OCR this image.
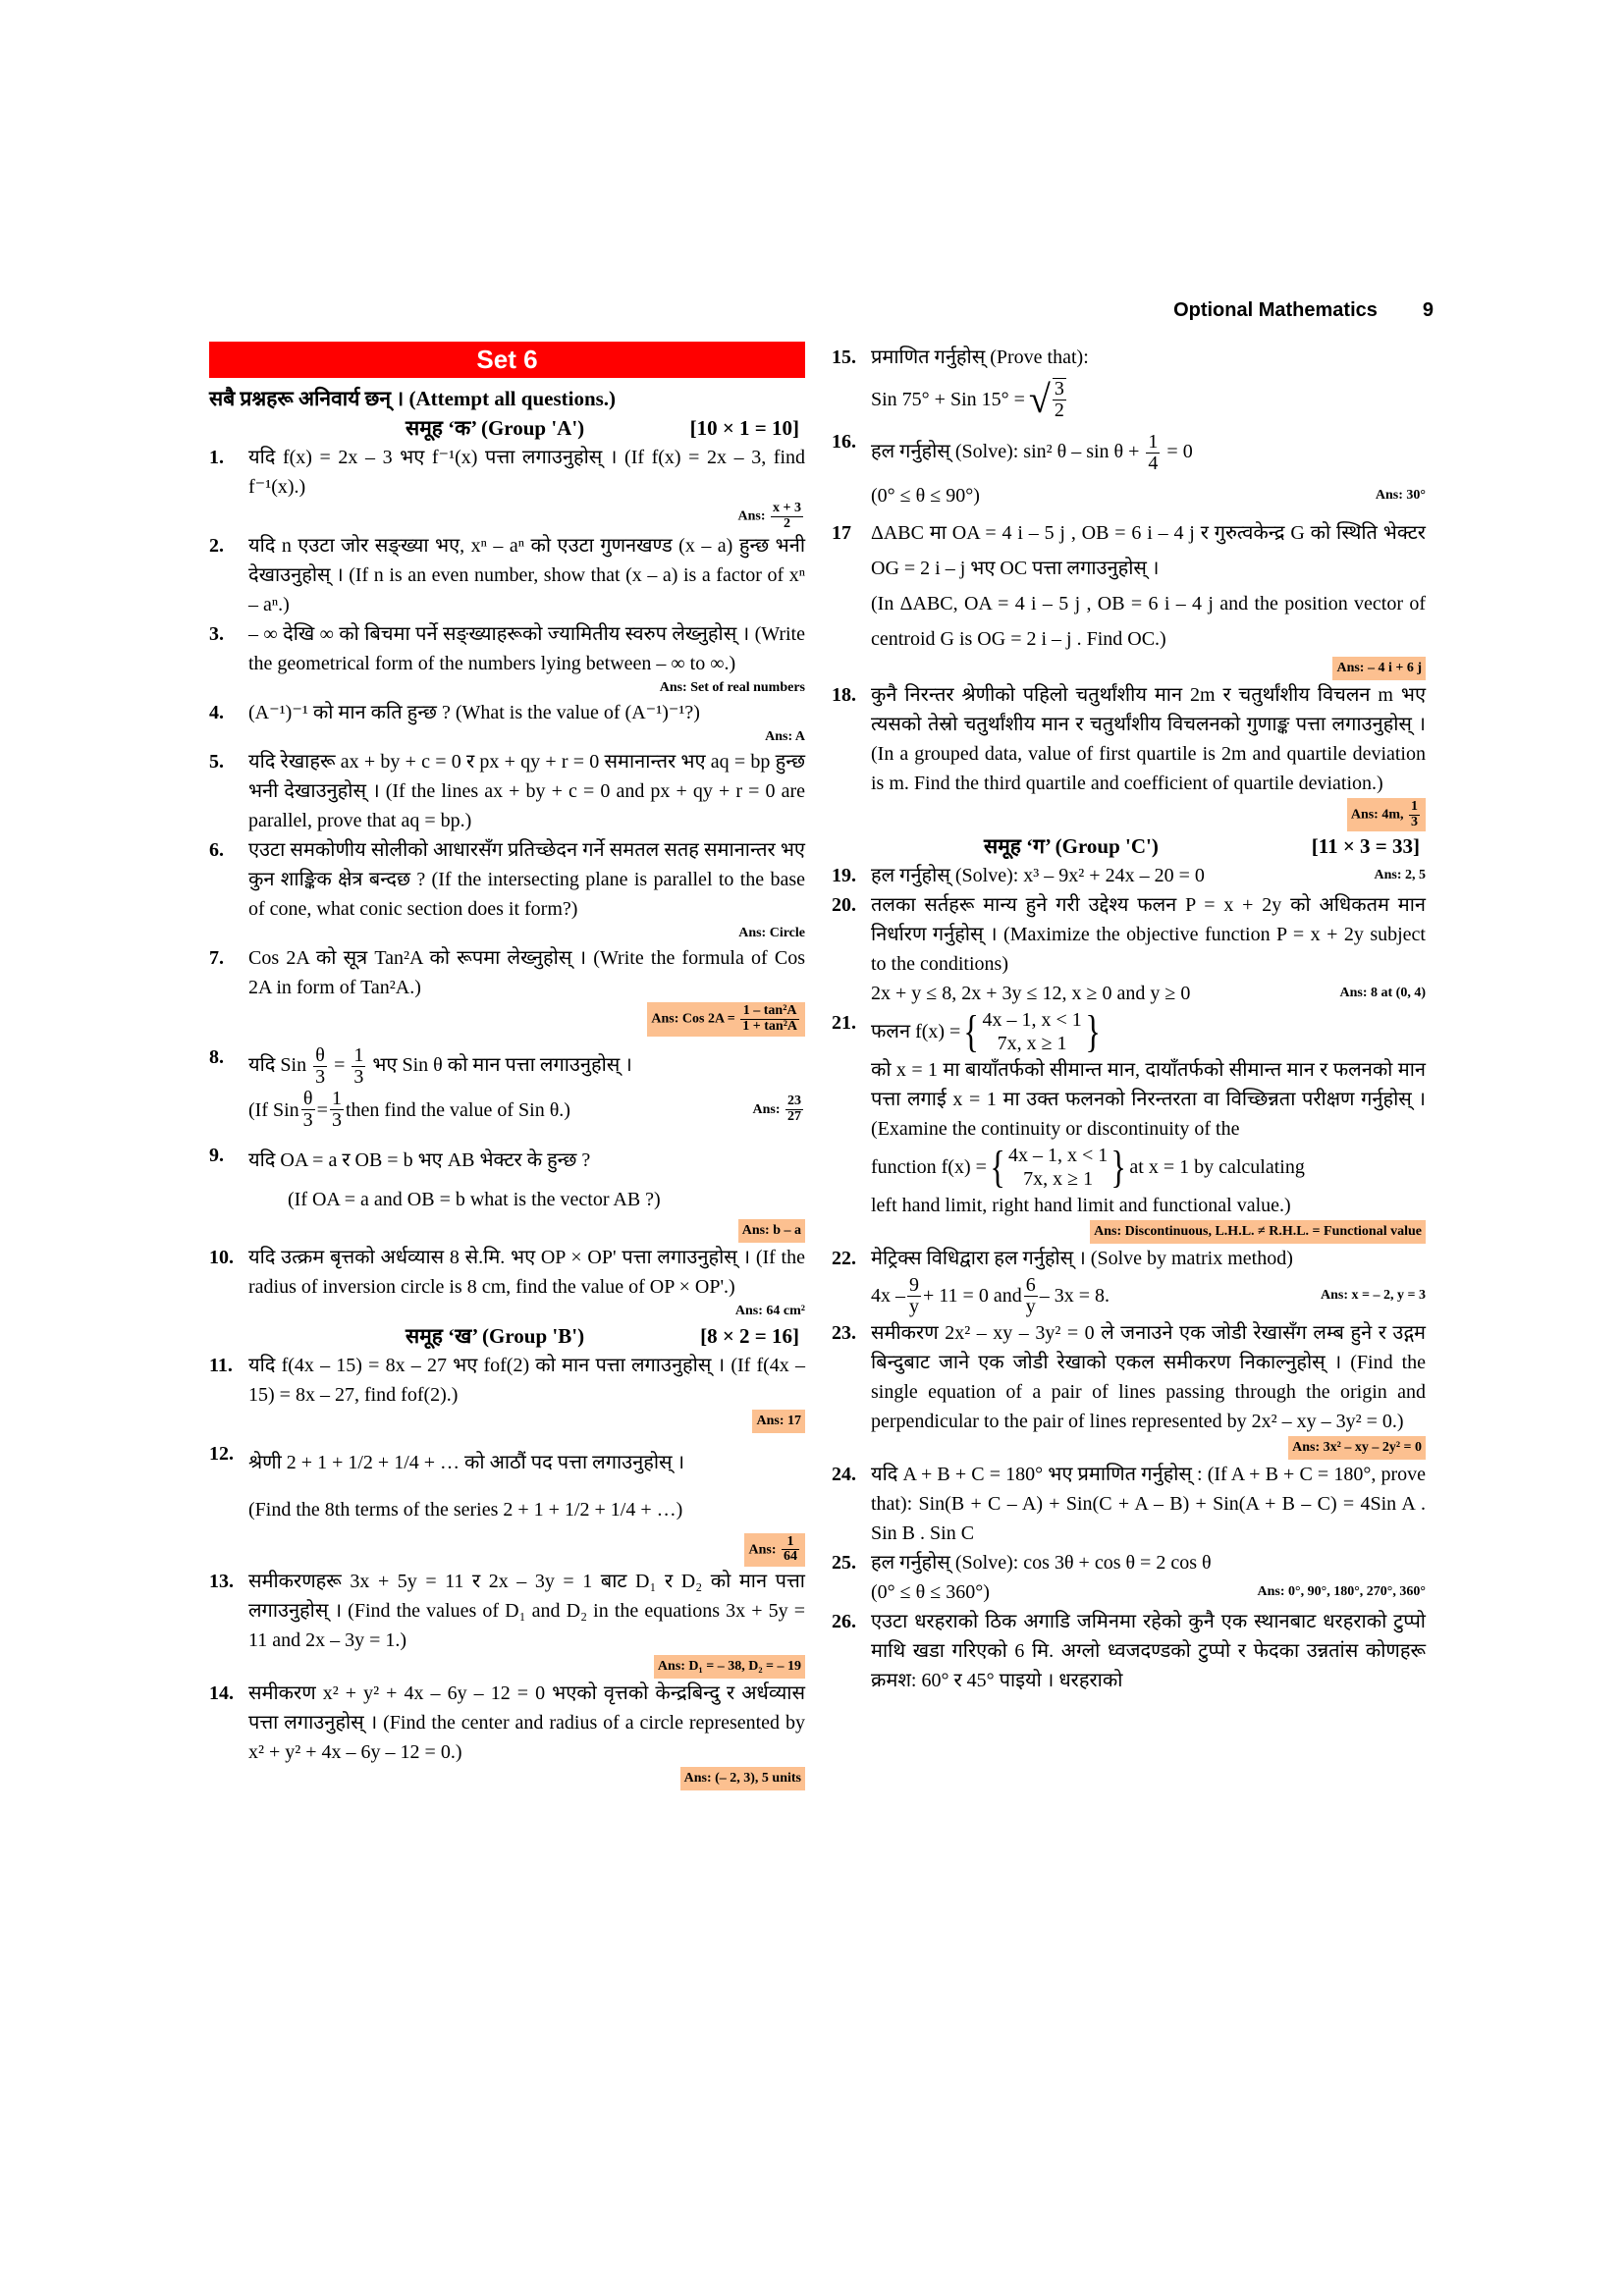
Optional Mathematics 9
Set 6
सबै प्रश्नहरू अनिवार्य छन् । (Attempt all questions.)
समूह ‘क’ (Group 'A')	[10 × 1 = 10]
1.	यदि f(x) = 2x – 3 भए f⁻¹(x) पत्ता लगाउनुहोस् । (If f(x) = 2x – 3, find f⁻¹(x).)

Ans: $\frac{x + 3}{2}$
2.	यदि n एउटा जोर सङ्ख्या भए, xⁿ – aⁿ को एउटा गुणनखण्ड (x – a) हुन्छ भनी देखाउनुहोस् । (If n is an even number, show that (x – a) is a factor of xⁿ – aⁿ.)

3.	– ∞ देखि ∞ को बिचमा पर्ने सङ्ख्याहरूको ज्यामितीय स्वरुप लेख्नुहोस् । (Write the geometrical form of the numbers lying between – ∞ to ∞.)

Ans: Set of real numbers
4.	(A⁻¹)⁻¹ को मान कति हुन्छ ? (What is the value of (A⁻¹)⁻¹?)

Ans: A
5.	यदि रेखाहरू ax + by + c = 0 र px + qy + r = 0 समानान्तर भए aq = bp हुन्छ भनी देखाउनुहोस् । (If the lines ax + by + c = 0 and px + qy + r = 0 are parallel, prove that aq = bp.)

6.	एउटा समकोणीय सोलीको आधारसँग प्रतिच्छेदन गर्ने समतल सतह समानान्तर भए कुन शाङ्किक क्षेत्र बन्दछ ? (If the intersecting plane is parallel to the base of cone, what conic section does it form?)

Ans: Circle
7.	Cos 2A को सूत्र Tan²A को रूपमा लेख्नुहोस् । (Write the formula of Cos 2A in form of Tan²A.)

Ans: Cos $2A = \frac{\text{1 – tan²A}}{\text{1 + tan²A}}$
8.	यदि Sin $\frac{\theta}{3} = \frac{1}{3}$ भए Sin θ को मान पत्ता लगाउनुहोस् ।

(If Sin $\frac{\theta}{3} = \frac{1}{3}$ then find the value of Sin θ.)	Ans: $\frac{23}{27}$

9.	यदि OA = a र OB = b भए AB भेक्टर के हुन्छ ?

(If OA = a and OB = b what is the vector AB ?)

Ans: b – a
10. यदि उत्क्रम बृत्तको अर्धव्यास 8 से.मि. भए OP × OP' पत्ता लगाउनुहोस् । (If the radius of inversion circle is 8 cm, find the value of OP × OP'.)

Ans: 64 cm²
समूह ‘ख’ (Group 'B')	[8 × 2 = 16]
11. यदि f(4x – 15) = 8x – 27 भए fof(2) को मान पत्ता लगाउनुहोस् । (If f(4x – 15) = 8x – 27, find fof(2).)

Ans: 17
12. श्रेणी 2 + 1 + 1/2 + 1/4 + … को आठौं पद पत्ता लगाउनुहोस् ।

(Find the 8th terms of the series 2 + 1 + 1/2 + 1/4 + …)

Ans: $\frac{1}{64}$
13. समीकरणहरू 3x + 5y = 11 र 2x – 3y = 1 बाट D₁ र D₂ को मान पत्ता लगाउनुहोस् । (Find the values of D₁ and D₂ in the equations 3x + 5y = 11 and 2x – 3y = 1.)

Ans: D₁ = – 38, D₂ = – 19
14. समीकरण x² + y² + 4x – 6y – 12 = 0 भएको वृत्तको केन्द्रबिन्दु र अर्धव्यास पत्ता लगाउनुहोस् । (Find the center and radius of a circle represented by x² + y² + 4x – 6y – 12 = 0.)

Ans: (– 2, 3), 5 units
15. प्रमाणित गर्नुहोस् (Prove that):

Sin 75° + Sin 15° = √ $\frac{3}{2}$

16. हल गर्नुहोस् (Solve): sin² $\theta - \sin \theta + \frac{1}{4} = 0$

(0° ≤ θ ≤ 90°)	Ans: 30°

17	ΔABC मा OA = 4 i – 5 j , OB = 6 i – 4 j र गुरुत्वकेन्द्र G को स्थिति भेक्टर OG = 2 i – j भए OC पत्ता लगाउनुहोस् ।

(In ΔABC, OA = 4 i – 5 j , OB = 6 i – 4 j and the position vector of centroid G is OG = 2 i – j . Find OC.)

Ans: – 4 i + 6 j
18. कुनै निरन्तर श्रेणीको पहिलो चतुर्थांशीय मान 2m र चतुर्थांशीय विचलन m भए त्यसको तेस्रो चतुर्थांशीय मान र चतुर्थांशीय विचलनको गुणाङ्क पत्ता लगाउनुहोस् । (In a grouped data, value of first quartile is 2m and quartile deviation is m. Find the third quartile and coefficient of quartile deviation.)

Ans: 4m, $\frac{1}{3}$
समूह ‘ग’ (Group 'C')	[11 × 3 = 33]
19. हल गर्नुहोस् (Solve): x³ – 9x² + 24x – 20 = 0	Ans: 2, 5
20. तलका सर्तहरू मान्य हुने गरी उद्देश्य फलन P = x + 2y को अधिकतम मान निर्धारण गर्नुहोस् । (Maximize the objective function P = x + 2y subject to the conditions)

2x + y ≤ 8, 2x + 3y ≤ 12, x ≥ 0 and y ≥ 0	Ans: 8 at (0, 4)

21. फलन f(x) = { 4x – 1, x < 1
7x, x ≥ 1 }

को x = 1 मा बायाँतर्फको सीमान्त मान, दायाँतर्फको सीमान्त मान र फलनको मान पत्ता लगाई x = 1 मा उक्त फलनको निरन्तरता वा विच्छिन्नता परीक्षण गर्नुहोस् । (Examine the continuity or discontinuity of the

function f(x) = { 4x – 1, x < 1
7x, x ≥ 1 } at x = 1 by calculating

left hand limit, right hand limit and functional value.)

Ans: Discontinuous, L.H.L. ≠ R.H.L. = Functional value
22. मेट्रिक्स विधिद्वारा हल गर्नुहोस् । (Solve by matrix method)

$4x - \frac{9}{y} + 11 = 0$ and $\frac{6}{y} - 3x = 8$.	Ans: x = – 2, y = 3

23. समीकरण 2x² – xy – 3y² = 0 ले जनाउने एक जोडी रेखासँग लम्ब हुने र उद्गम बिन्दुबाट जाने एक जोडी रेखाको एकल समीकरण निकाल्नुहोस् । (Find the single equation of a pair of lines passing through the origin and perpendicular to the pair of lines represented by 2x² – xy – 3y² = 0.)

Ans: 3x² – xy – 2y² = 0
24. यदि A + B + C = 180° भए प्रमाणित गर्नुहोस् : (If A + B + C = 180°, prove that): Sin(B + C – A) + Sin(C + A – B) + Sin(A + B – C) = 4Sin A . Sin B . Sin C

25. हल गर्नुहोस् (Solve): cos 3θ + cos θ = 2 cos θ

(0° ≤ θ ≤ 360°)	Ans: 0°, 90°, 180°, 270°, 360°

26. एउटा धरहराको ठिक अगाडि जमिनमा रहेको कुनै एक स्थानबाट धरहराको टुप्पो माथि खडा गरिएको 6 मि. अग्लो ध्वजदण्डको टुप्पो र फेदका उन्नतांस कोणहरू क्रमश: 60° र 45° पाइयो । धरहराको
